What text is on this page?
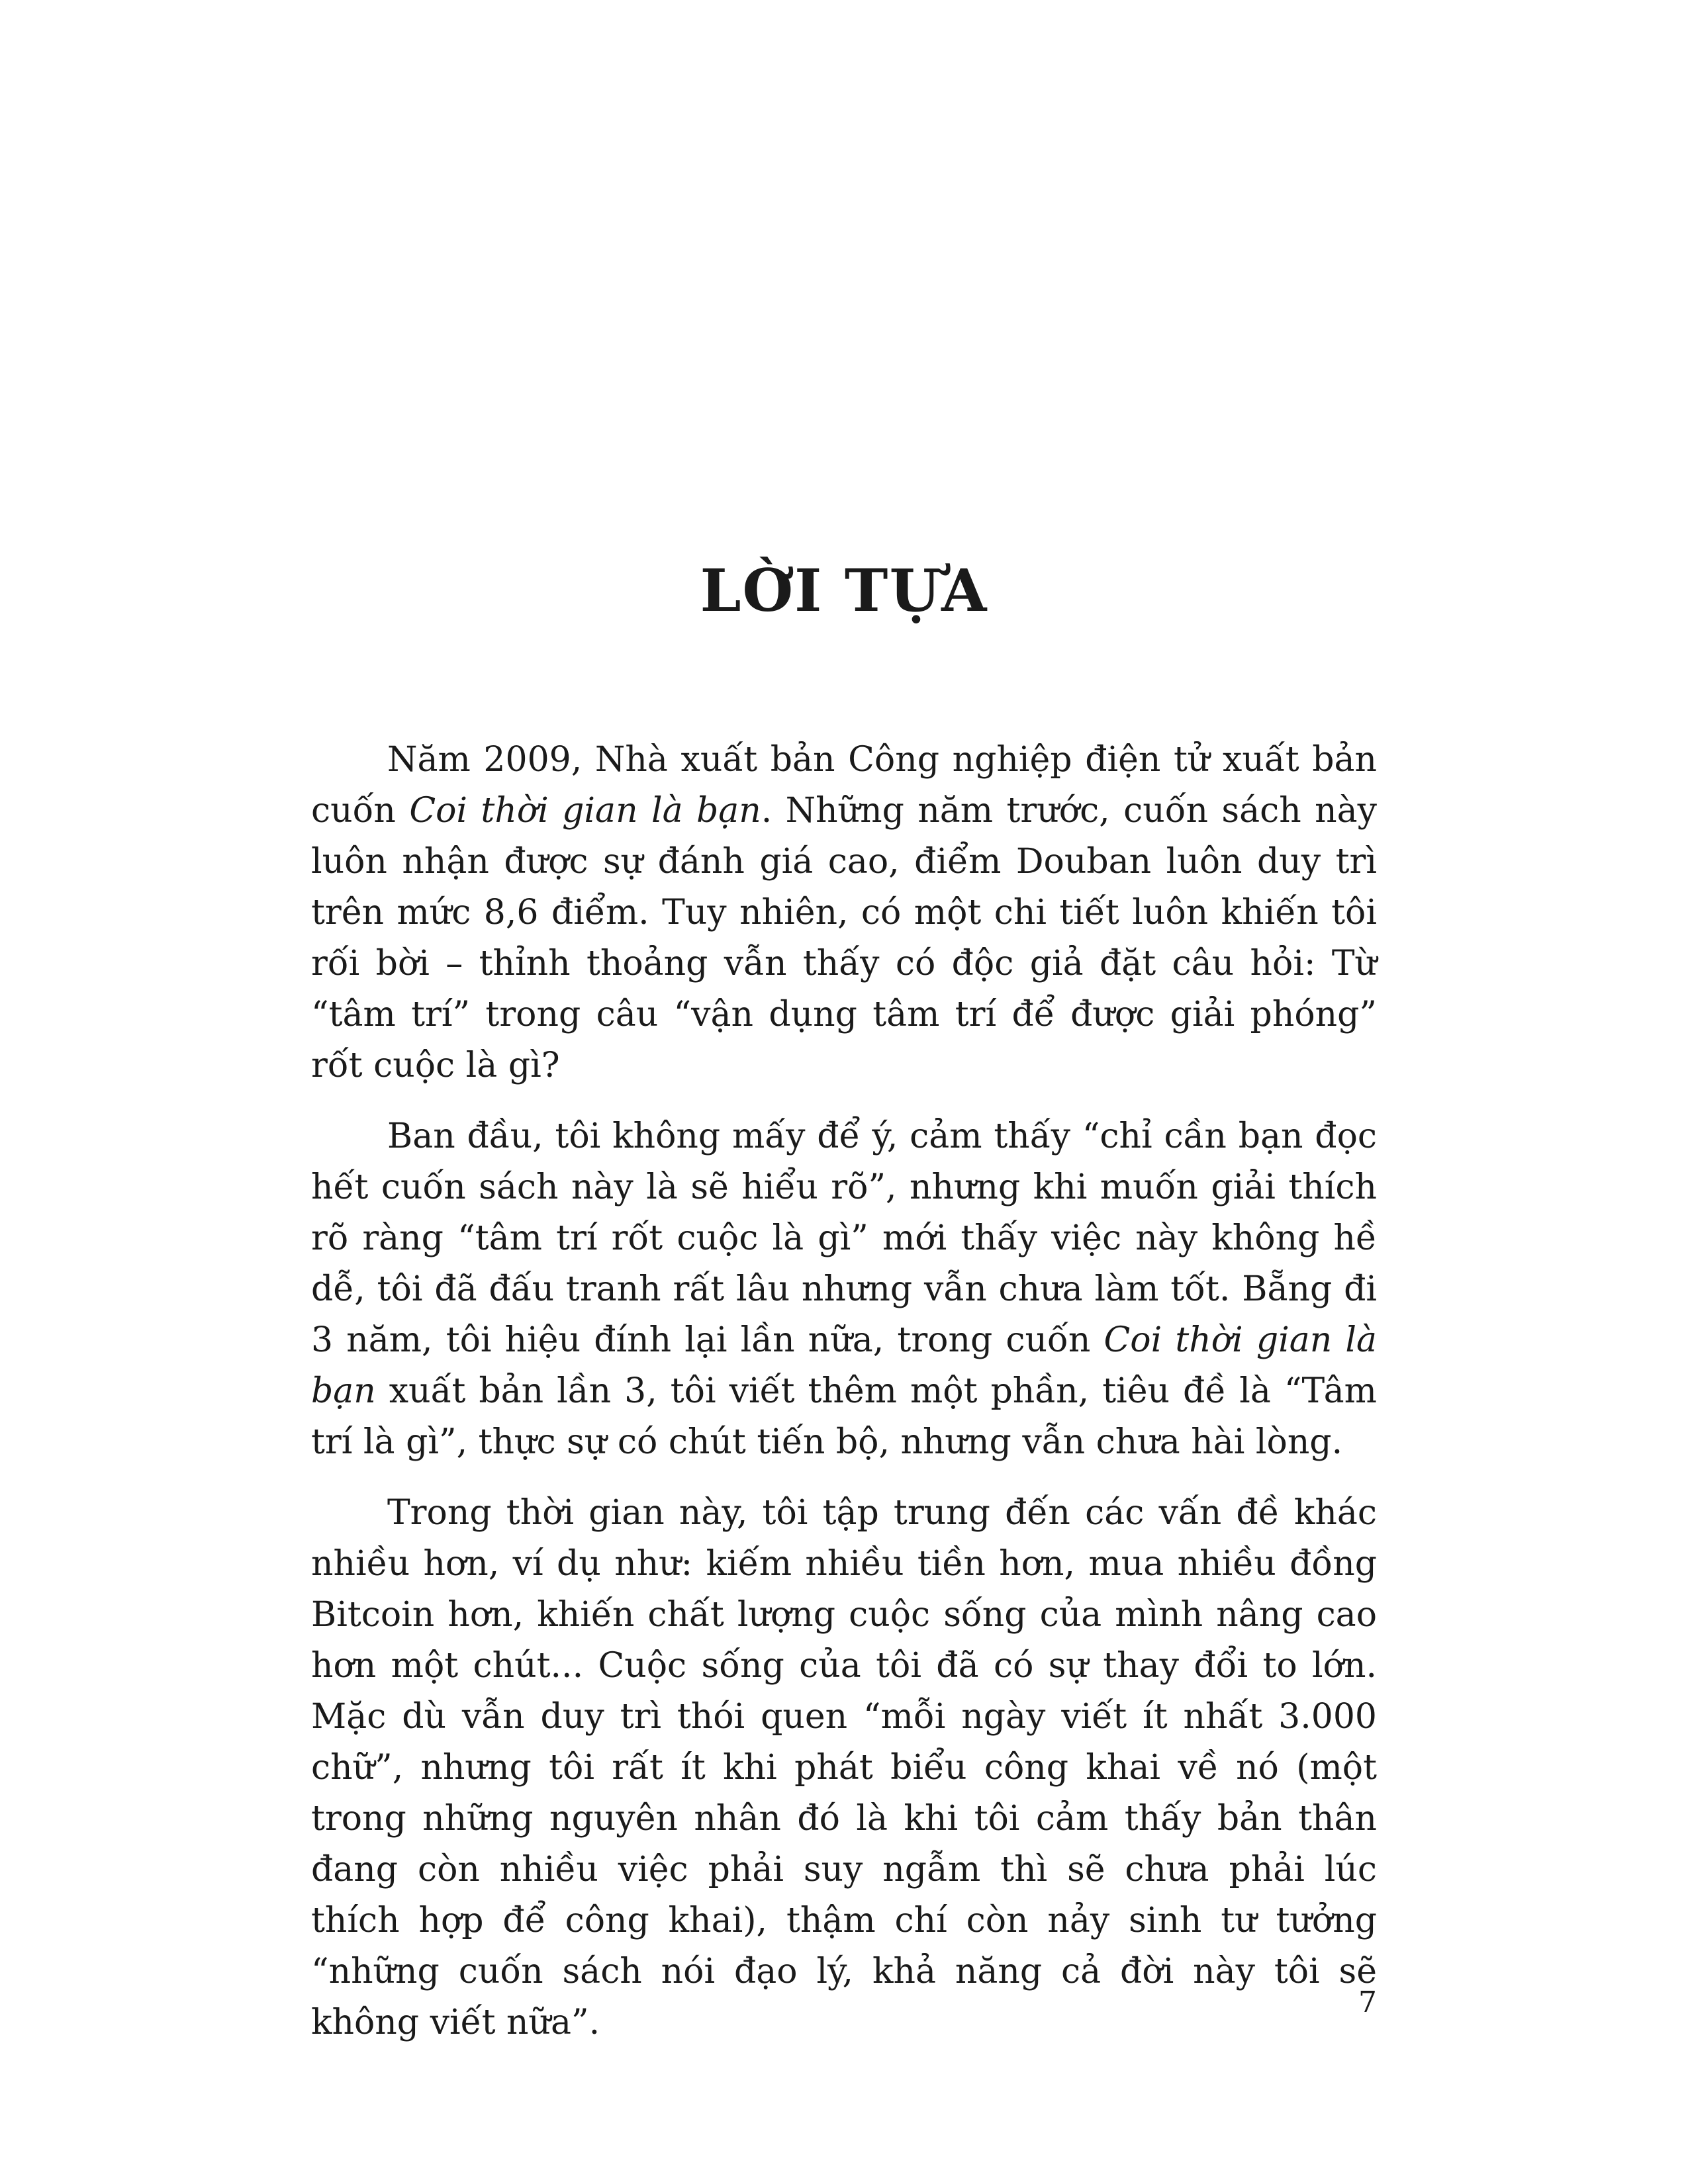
LỜI TỰA

Năm 2009, Nhà xuất bản Công nghiệp điện tử xuất bản cuốn Coi thời gian là bạn. Những năm trước, cuốn sách này luôn nhận được sự đánh giá cao, điểm Douban luôn duy trì trên mức 8,6 điểm. Tuy nhiên, có một chi tiết luôn khiến tôi rối bời – thỉnh thoảng vẫn thấy có độc giả đặt câu hỏi: Từ “tâm trí” trong câu “vận dụng tâm trí để được giải phóng” rốt cuộc là gì?

Ban đầu, tôi không mấy để ý, cảm thấy “chỉ cần bạn đọc hết cuốn sách này là sẽ hiểu rõ”, nhưng khi muốn giải thích rõ ràng “tâm trí rốt cuộc là gì” mới thấy việc này không hề dễ, tôi đã đấu tranh rất lâu nhưng vẫn chưa làm tốt. Bẵng đi 3 năm, tôi hiệu đính lại lần nữa, trong cuốn Coi thời gian là bạn xuất bản lần 3, tôi viết thêm một phần, tiêu đề là “Tâm trí là gì”, thực sự có chút tiến bộ, nhưng vẫn chưa hài lòng.

Trong thời gian này, tôi tập trung đến các vấn đề khác nhiều hơn, ví dụ như: kiếm nhiều tiền hơn, mua nhiều đồng Bitcoin hơn, khiến chất lượng cuộc sống của mình nâng cao hơn một chút... Cuộc sống của tôi đã có sự thay đổi to lớn. Mặc dù vẫn duy trì thói quen “mỗi ngày viết ít nhất 3.000 chữ”, nhưng tôi rất ít khi phát biểu công khai về nó (một trong những nguyên nhân đó là khi tôi cảm thấy bản thân đang còn nhiều việc phải suy ngẫm thì sẽ chưa phải lúc thích hợp để công khai), thậm chí còn nảy sinh tư tưởng “những cuốn sách nói đạo lý, khả năng cả đời này tôi sẽ không viết nữa”.

7
